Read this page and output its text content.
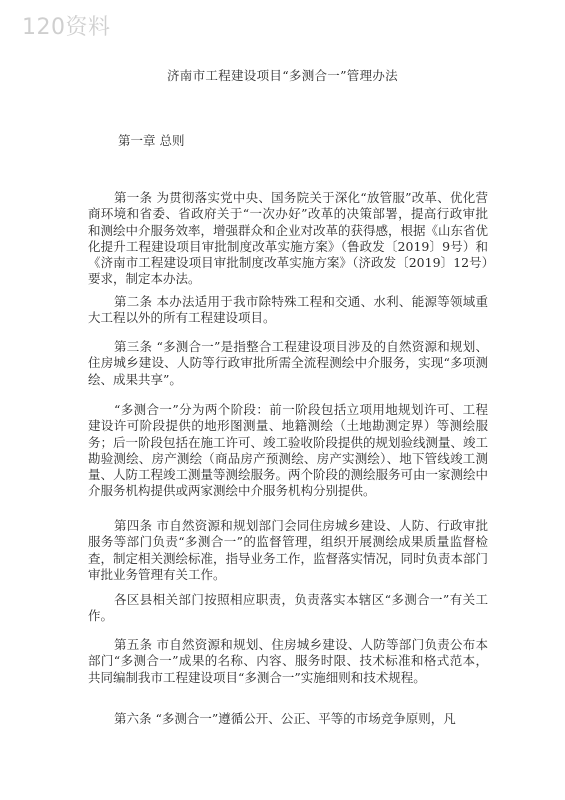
120资料
济南市工程建设项目“多测合一”管理办法
第一章 总则

第一条 为贯彻落实党中央、国务院关于深化“放管服”改革、优化营商环境和省委、省政府关于“一次办好”改革的决策部署，提高行政审批和测绘中介服务效率，增强群众和企业对改革的获得感，根据《山东省优化提升工程建设项目审批制度改革实施方案》（鲁政发〔2019〕9号）和《济南市工程建设项目审批制度改革实施方案》（济政发〔2019〕12号）要求，制定本办法。

第二条 本办法适用于我市除特殊工程和交通、水利、能源等领域重大工程以外的所有工程建设项目。

第三条 “多测合一”是指整合工程建设项目涉及的自然资源和规划、住房城乡建设、人防等行政审批所需全流程测绘中介服务，实现“多项测绘、成果共享”。

“多测合一”分为两个阶段：前一阶段包括立项用地规划许可、工程建设许可阶段提供的地形图测量、地籍测绘（土地勘测定界）等测绘服务；后一阶段包括在施工许可、竣工验收阶段提供的规划验线测量、竣工勘验测绘、房产测绘（商品房产预测绘、房产实测绘）、地下管线竣工测量、人防工程竣工测量等测绘服务。两个阶段的测绘服务可由一家测绘中介服务机构提供或两家测绘中介服务机构分别提供。

第四条 市自然资源和规划部门会同住房城乡建设、人防、行政审批服务等部门负责“多测合一”的监督管理，组织开展测绘成果质量监督检查，制定相关测绘标准，指导业务工作，监督落实情况，同时负责本部门审批业务管理有关工作。

各区县相关部门按照相应职责，负责落实本辖区“多测合一”有关工作。

第五条 市自然资源和规划、住房城乡建设、人防等部门负责公布本部门“多测合一”成果的名称、内容、服务时限、技术标准和格式范本，共同编制我市工程建设项目“多测合一”实施细则和技术规程。

第六条 “多测合一”遵循公开、公正、平等的市场竞争原则，凡
